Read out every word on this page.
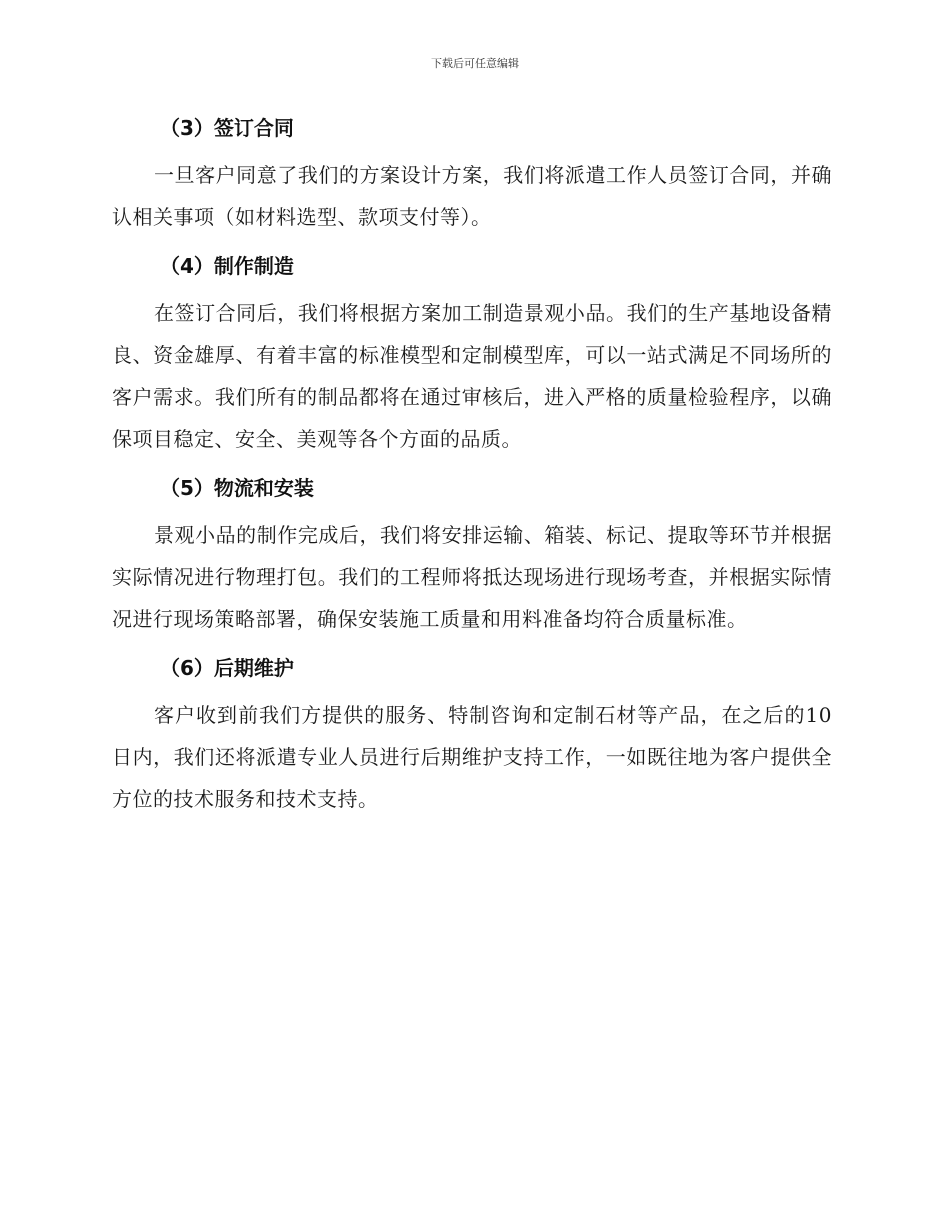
下载后可任意编辑
（3）签订合同

一旦客户同意了我们的方案设计方案，我们将派遣工作人员签订合同，并确认相关事项（如材料选型、款项支付等）。

（4）制作制造

在签订合同后，我们将根据方案加工制造景观小品。我们的生产基地设备精良、资金雄厚、有着丰富的标准模型和定制模型库，可以一站式满足不同场所的客户需求。我们所有的制品都将在通过审核后，进入严格的质量检验程序，以确保项目稳定、安全、美观等各个方面的品质。

（5）物流和安装

景观小品的制作完成后，我们将安排运输、箱装、标记、提取等环节并根据实际情况进行物理打包。我们的工程师将抵达现场进行现场考查，并根据实际情况进行现场策略部署，确保安装施工质量和用料准备均符合质量标准。

（6）后期维护

客户收到前我们方提供的服务、特制咨询和定制石材等产品，在之后的10日内，我们还将派遣专业人员进行后期维护支持工作，一如既往地为客户提供全方位的技术服务和技术支持。
